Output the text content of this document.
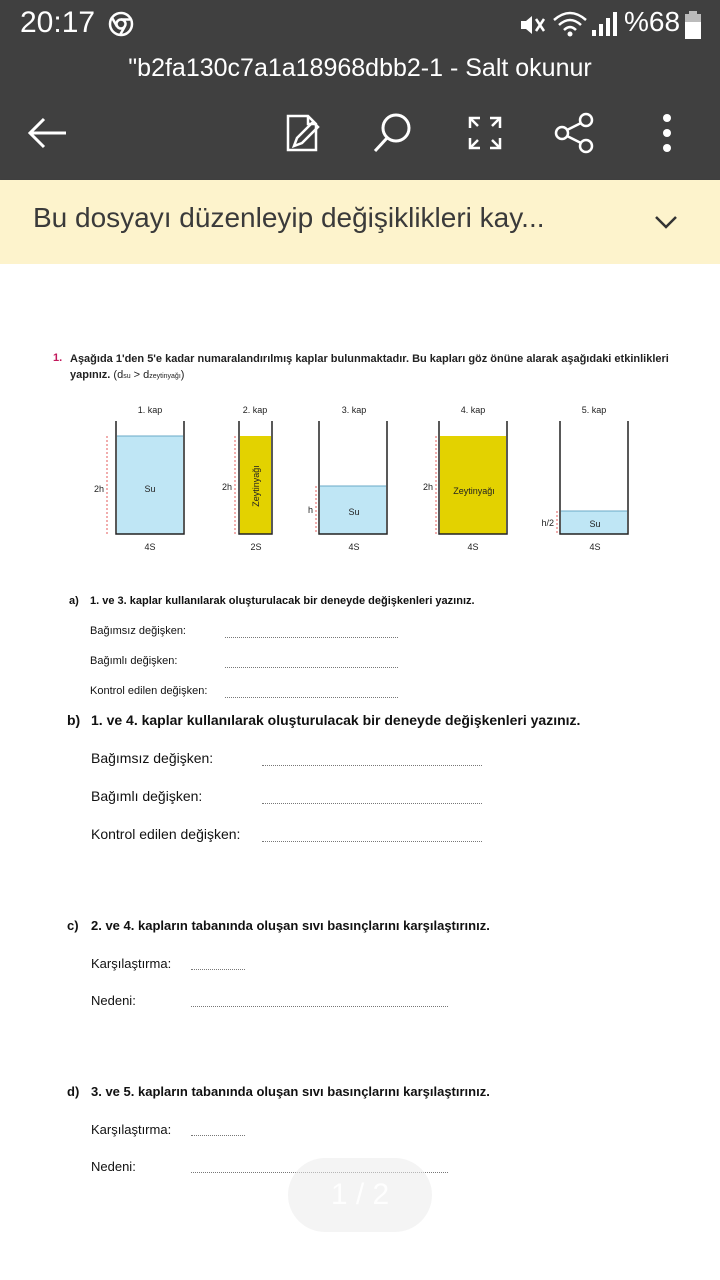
20:17	%68
"b2fa130c7a1a18968dbb2-1 - Salt okunur
Bu dosyayı düzenleyip değişiklikleri kay...
1. Aşağıda 1'den 5'e kadar numaralandırılmış kaplar bulunmaktadır. Bu kapları göz önüne alarak aşağıdaki etkinlikleri yapınız. (dsu > dzeytinyağı)
1. kap
Su
2h
4S
2. kap
Zeytinyağı
2h
2S
3. kap
Su
h
4S
4. kap
Zeytinyağı
2h
4S
5. kap
Su
h/2
4S
a) 1. ve 3. kaplar kullanılarak oluşturulacak bir deneyde değişkenleri yazınız.
Bağımsız değişken:
Bağımlı değişken:
Kontrol edilen değişken:
b) 1. ve 4. kaplar kullanılarak oluşturulacak bir deneyde değişkenleri yazınız.
Bağımsız değişken:
Bağımlı değişken:
Kontrol edilen değişken:
c) 2. ve 4. kapların tabanında oluşan sıvı basınçlarını karşılaştırınız.
Karşılaştırma:
Nedeni:
d) 3. ve 5. kapların tabanında oluşan sıvı basınçlarını karşılaştırınız.
Karşılaştırma:
Nedeni:
1 / 2
